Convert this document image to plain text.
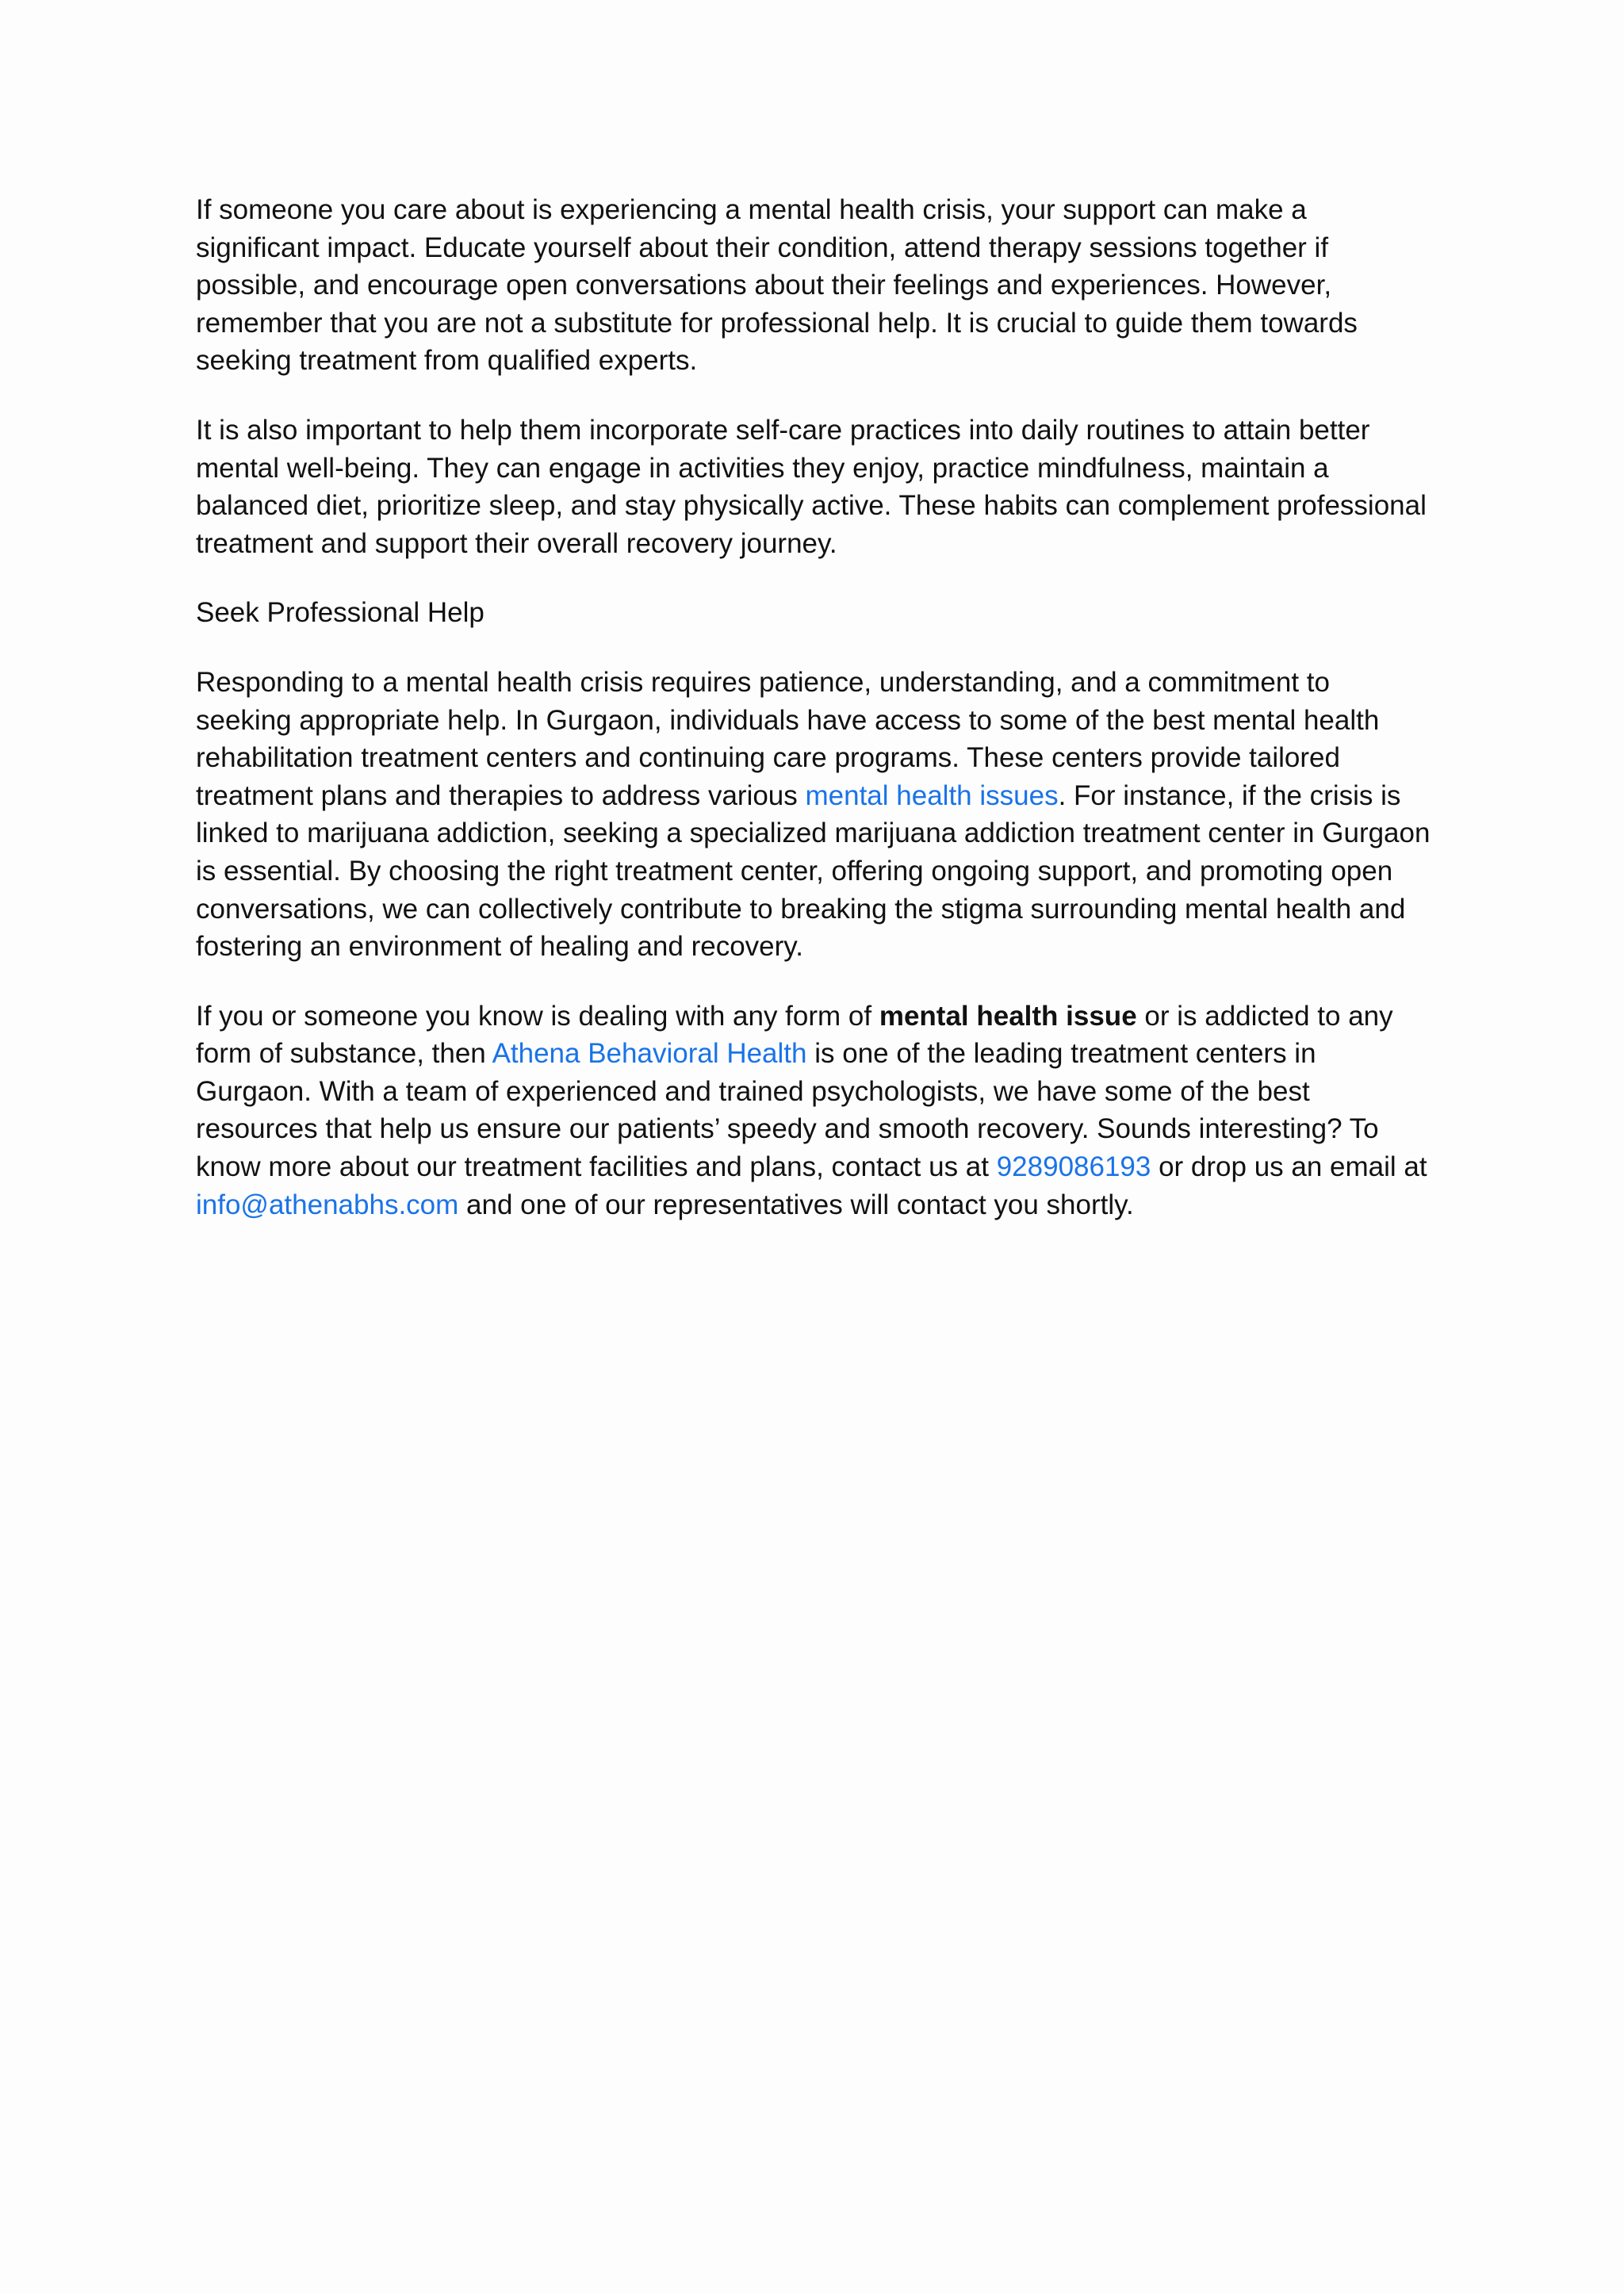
If someone you care about is experiencing a mental health crisis, your support can make a significant impact. Educate yourself about their condition, attend therapy sessions together if possible, and encourage open conversations about their feelings and experiences. However, remember that you are not a substitute for professional help. It is crucial to guide them towards seeking treatment from qualified experts.

It is also important to help them incorporate self-care practices into daily routines to attain better mental well-being. They can engage in activities they enjoy, practice mindfulness, maintain a balanced diet, prioritize sleep, and stay physically active. These habits can complement professional treatment and support their overall recovery journey.

Seek Professional Help

Responding to a mental health crisis requires patience, understanding, and a commitment to seeking appropriate help. In Gurgaon, individuals have access to some of the best mental health rehabilitation treatment centers and continuing care programs. These centers provide tailored treatment plans and therapies to address various mental health issues. For instance, if the crisis is linked to marijuana addiction, seeking a specialized marijuana addiction treatment center in Gurgaon is essential. By choosing the right treatment center, offering ongoing support, and promoting open conversations, we can collectively contribute to breaking the stigma surrounding mental health and fostering an environment of healing and recovery.

If you or someone you know is dealing with any form of mental health issue or is addicted to any form of substance, then Athena Behavioral Health is one of the leading treatment centers in Gurgaon. With a team of experienced and trained psychologists, we have some of the best resources that help us ensure our patients’ speedy and smooth recovery. Sounds interesting? To know more about our treatment facilities and plans, contact us at 9289086193 or drop us an email at info@athenabhs.com and one of our representatives will contact you shortly.
